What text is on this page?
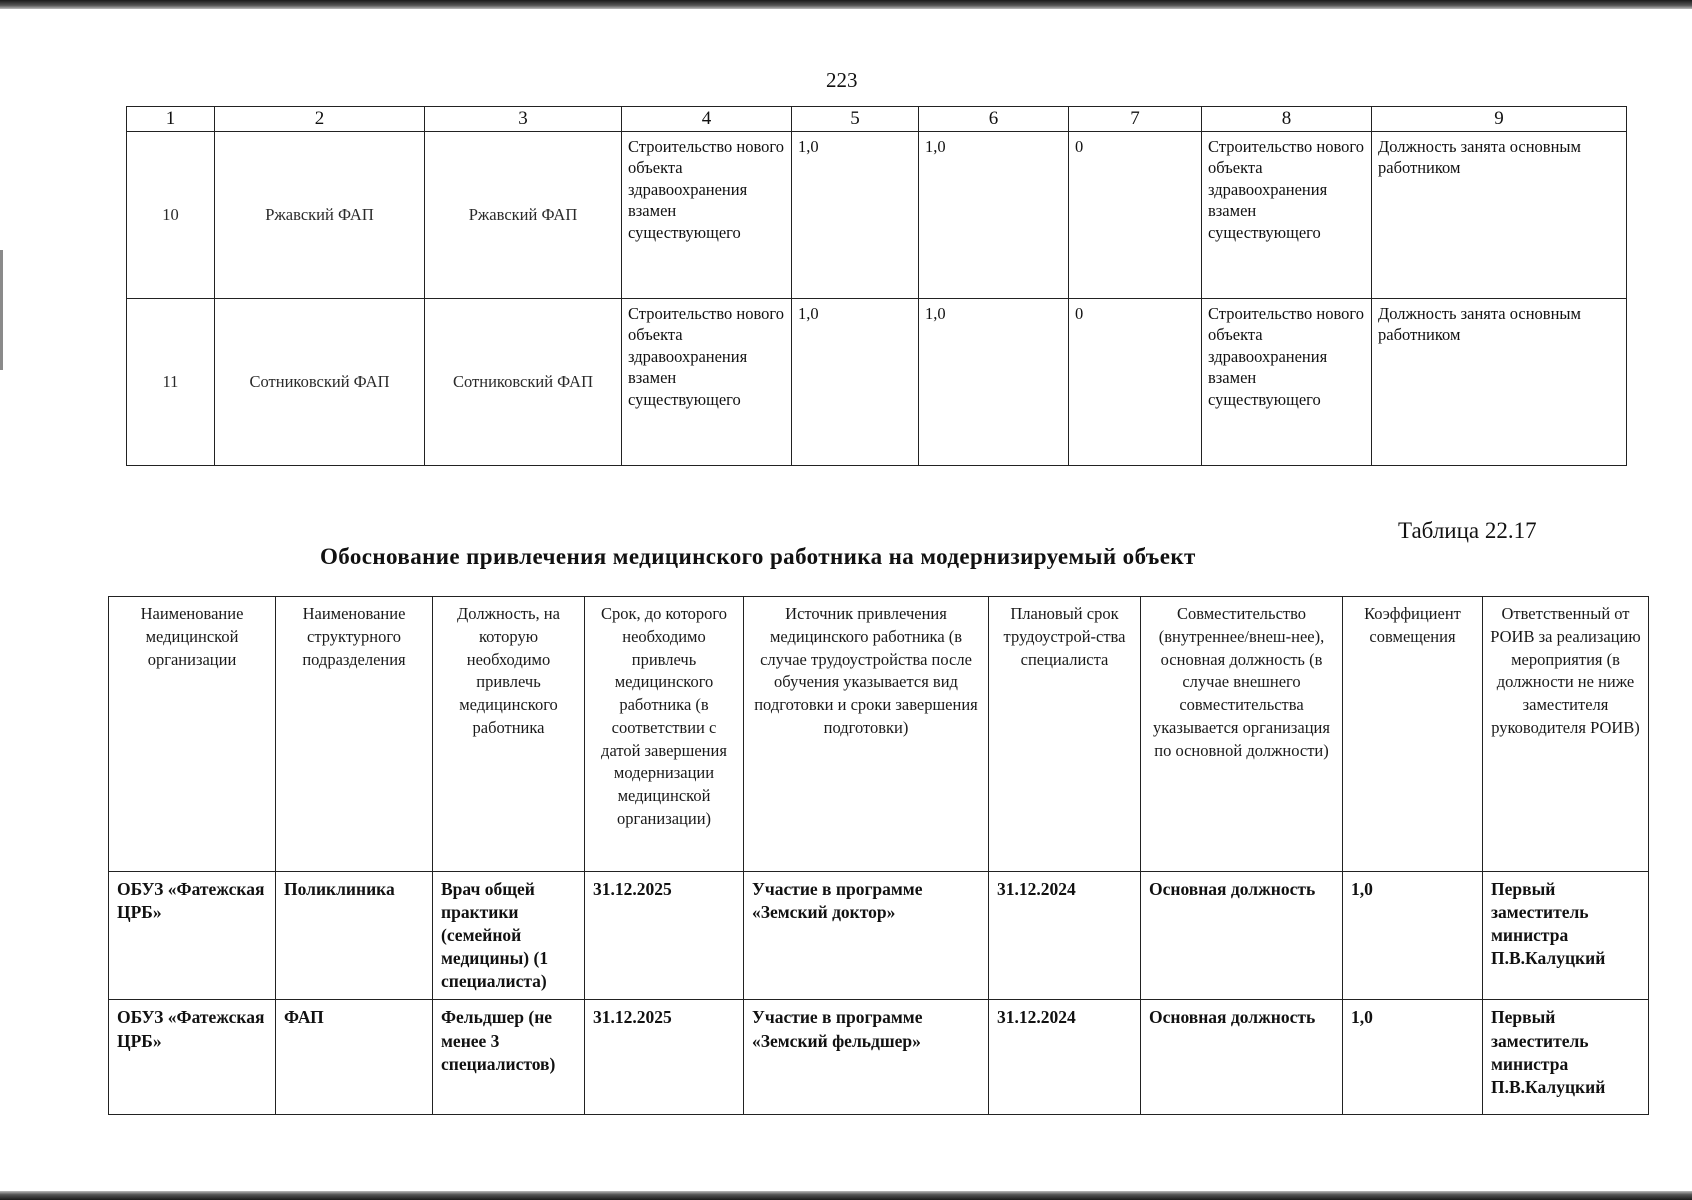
223
1	2	3	4	5	6	7	8	9
10	Ржавский ФАП	Ржавский ФАП	Строительство нового объекта здравоохранения взамен существующего	1,0	1,0	0	Строительство нового объекта здравоохранения взамен существующего	Должность занята основным работником
11	Сотниковский ФАП	Сотниковский ФАП	Строительство нового объекта здравоохранения взамен существующего	1,0	1,0	0	Строительство нового объекта здравоохранения взамен существующего	Должность занята основным работником
Таблица 22.17
Обоснование привлечения медицинского работника на модернизируемый объект
Наименование медицинской организации	Наименование структурного подразделения	Должность, на которую необходимо привлечь медицинского работника	Срок, до которого необходимо привлечь медицинского работника (в соответствии с датой завершения модернизации медицинской организации)	Источник привлечения медицинского работника (в случае трудоустройства после обучения указывается вид подготовки и сроки завершения подготовки)	Плановый срок трудоустрой-ства специалиста	Совместительство (внутреннее/внеш-нее), основная должность (в случае внешнего совместительства указывается организация по основной должности)	Коэффициент совмещения	Ответственный от РОИВ за реализацию мероприятия (в должности не ниже заместителя руководителя РОИВ)
ОБУЗ «Фатежская ЦРБ»	Поликлиника	Врач общей практики (семейной медицины) (1 специалиста)	31.12.2025	Участие в программе «Земский доктор»	31.12.2024	Основная должность	1,0	Первый заместитель министра П.В.Калуцкий
ОБУЗ «Фатежская ЦРБ»	ФАП	Фельдшер (не менее 3 специалистов)	31.12.2025	Участие в программе «Земский фельдшер»	31.12.2024	Основная должность	1,0	Первый заместитель министра П.В.Калуцкий
